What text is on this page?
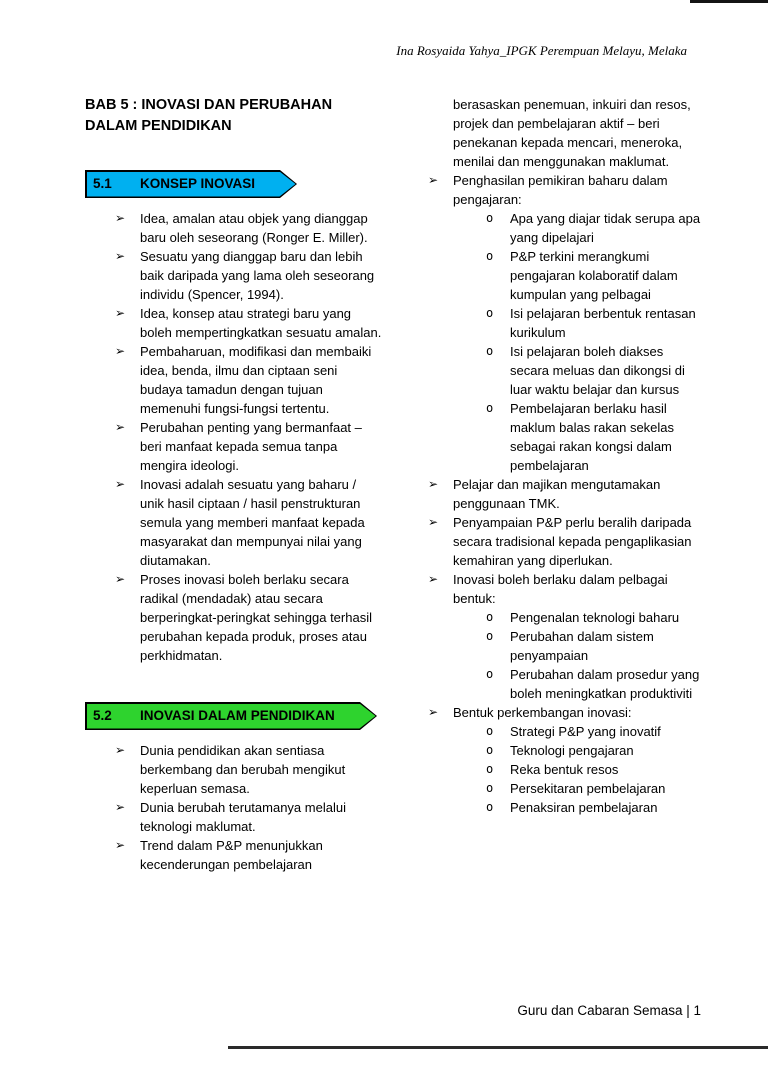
Ina Rosyaida Yahya_IPGK Perempuan Melayu, Melaka
BAB 5 : INOVASI DAN PERUBAHAN DALAM PENDIDIKAN
5.1 KONSEP INOVASI
➢ Idea, amalan atau objek yang dianggap baru oleh seseorang (Ronger E. Miller).
➢ Sesuatu yang dianggap baru dan lebih baik daripada yang lama oleh seseorang individu (Spencer, 1994).
➢ Idea, konsep atau strategi baru yang boleh mempertingkatkan sesuatu amalan.
➢ Pembaharuan, modifikasi dan membaiki idea, benda, ilmu dan ciptaan seni budaya tamadun dengan tujuan memenuhi fungsi-fungsi tertentu.
➢ Perubahan penting yang bermanfaat – beri manfaat kepada semua tanpa mengira ideologi.
➢ Inovasi adalah sesuatu yang baharu / unik hasil ciptaan / hasil penstrukturan semula yang memberi manfaat kepada masyarakat dan mempunyai nilai yang diutamakan.
➢ Proses inovasi boleh berlaku secara radikal (mendadak) atau secara berperingkat-peringkat sehingga terhasil perubahan kepada produk, proses atau perkhidmatan.
5.2 INOVASI DALAM PENDIDIKAN
➢ Dunia pendidikan akan sentiasa berkembang dan berubah mengikut keperluan semasa.
➢ Dunia berubah terutamanya melalui teknologi maklumat.
➢ Trend dalam P&P menunjukkan kecenderungan pembelajaran
berasaskan penemuan, inkuiri dan resos, projek dan pembelajaran aktif – beri penekanan kepada mencari, meneroka, menilai dan menggunakan maklumat.
➢ Penghasilan pemikiran baharu dalam pengajaran:
o Apa yang diajar tidak serupa apa yang dipelajari
o P&P terkini merangkumi pengajaran kolaboratif dalam kumpulan yang pelbagai
o Isi pelajaran berbentuk rentasan kurikulum
o Isi pelajaran boleh diakses secara meluas dan dikongsi di luar waktu belajar dan kursus
o Pembelajaran berlaku hasil maklum balas rakan sekelas sebagai rakan kongsi dalam pembelajaran
➢ Pelajar dan majikan mengutamakan penggunaan TMK.
➢ Penyampaian P&P perlu beralih daripada secara tradisional kepada pengaplikasian kemahiran yang diperlukan.
➢ Inovasi boleh berlaku dalam pelbagai bentuk:
o Pengenalan teknologi baharu
o Perubahan dalam sistem penyampaian
o Perubahan dalam prosedur yang boleh meningkatkan produktiviti
➢ Bentuk perkembangan inovasi:
o Strategi P&P yang inovatif
o Teknologi pengajaran
o Reka bentuk resos
o Persekitaran pembelajaran
o Penaksiran pembelajaran
Guru dan Cabaran Semasa | 1
